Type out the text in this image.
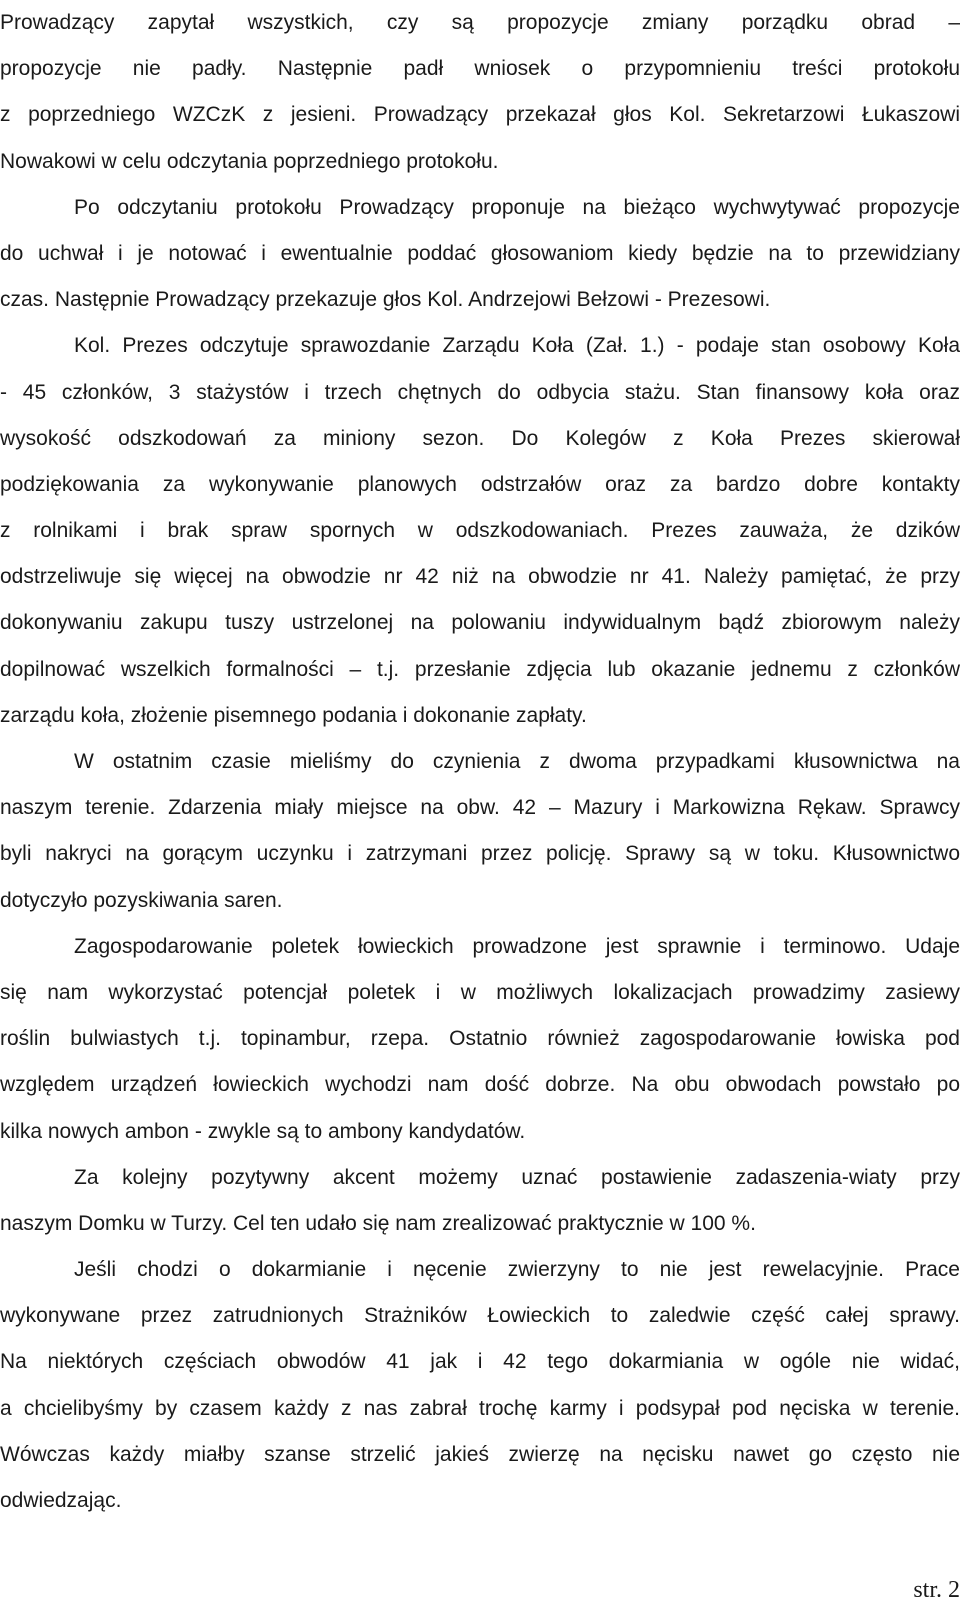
Prowadzący zapytał wszystkich, czy są propozycje zmiany porządku obrad –
propozycje nie padły. Następnie padł wniosek o przypomnieniu treści protokołu
z poprzedniego WZCzK z jesieni. Prowadzący przekazał głos Kol. Sekretarzowi Łukaszowi
Nowakowi w celu odczytania poprzedniego protokołu.
Po odczytaniu protokołu Prowadzący proponuje na bieżąco wychwytywać propozycje
do uchwał i je notować i ewentualnie poddać głosowaniom kiedy będzie na to przewidziany
czas. Następnie Prowadzący przekazuje głos Kol. Andrzejowi Bełzowi - Prezesowi.
Kol. Prezes odczytuje sprawozdanie Zarządu Koła (Zał. 1.) - podaje stan osobowy Koła
- 45 członków, 3 stażystów i trzech chętnych do odbycia stażu. Stan finansowy koła oraz
wysokość odszkodowań za miniony sezon. Do Kolegów z Koła Prezes skierował
podziękowania za wykonywanie planowych odstrzałów oraz za bardzo dobre kontakty
z rolnikami i brak spraw spornych w odszkodowaniach. Prezes zauważa, że dzików
odstrzeliwuje się więcej na obwodzie nr 42 niż na obwodzie nr 41. Należy pamiętać, że przy
dokonywaniu zakupu tuszy ustrzelonej na polowaniu indywidualnym bądź zbiorowym należy
dopilnować wszelkich formalności – t.j. przesłanie zdjęcia lub okazanie jednemu z członków
zarządu koła, złożenie pisemnego podania i dokonanie zapłaty.
W ostatnim czasie mieliśmy do czynienia z dwoma przypadkami kłusownictwa na
naszym terenie. Zdarzenia miały miejsce na obw. 42 – Mazury i Markowizna Rękaw. Sprawcy
byli nakryci na gorącym uczynku i zatrzymani przez policję. Sprawy są w toku. Kłusownictwo
dotyczyło pozyskiwania saren.
Zagospodarowanie poletek łowieckich prowadzone jest sprawnie i terminowo. Udaje
się nam wykorzystać potencjał poletek i w możliwych lokalizacjach prowadzimy zasiewy
roślin bulwiastych t.j. topinambur, rzepa. Ostatnio również zagospodarowanie łowiska pod
względem urządzeń łowieckich wychodzi nam dość dobrze. Na obu obwodach powstało po
kilka nowych ambon - zwykle są to ambony kandydatów.
Za kolejny pozytywny akcent możemy uznać postawienie zadaszenia-wiaty przy
naszym Domku w Turzy. Cel ten udało się nam zrealizować praktycznie w 100 %.
Jeśli chodzi o dokarmianie i nęcenie zwierzyny to nie jest rewelacyjnie. Prace
wykonywane przez zatrudnionych Strażników Łowieckich to zaledwie część całej sprawy.
Na niektórych częściach obwodów 41 jak i 42 tego dokarmiania w ogóle nie widać,
a chcielibyśmy by czasem każdy z nas zabrał trochę karmy i podsypał pod nęciska w terenie.
Wówczas każdy miałby szanse strzelić jakieś zwierzę na nęcisku nawet go często nie
odwiedzając.
str. 2
